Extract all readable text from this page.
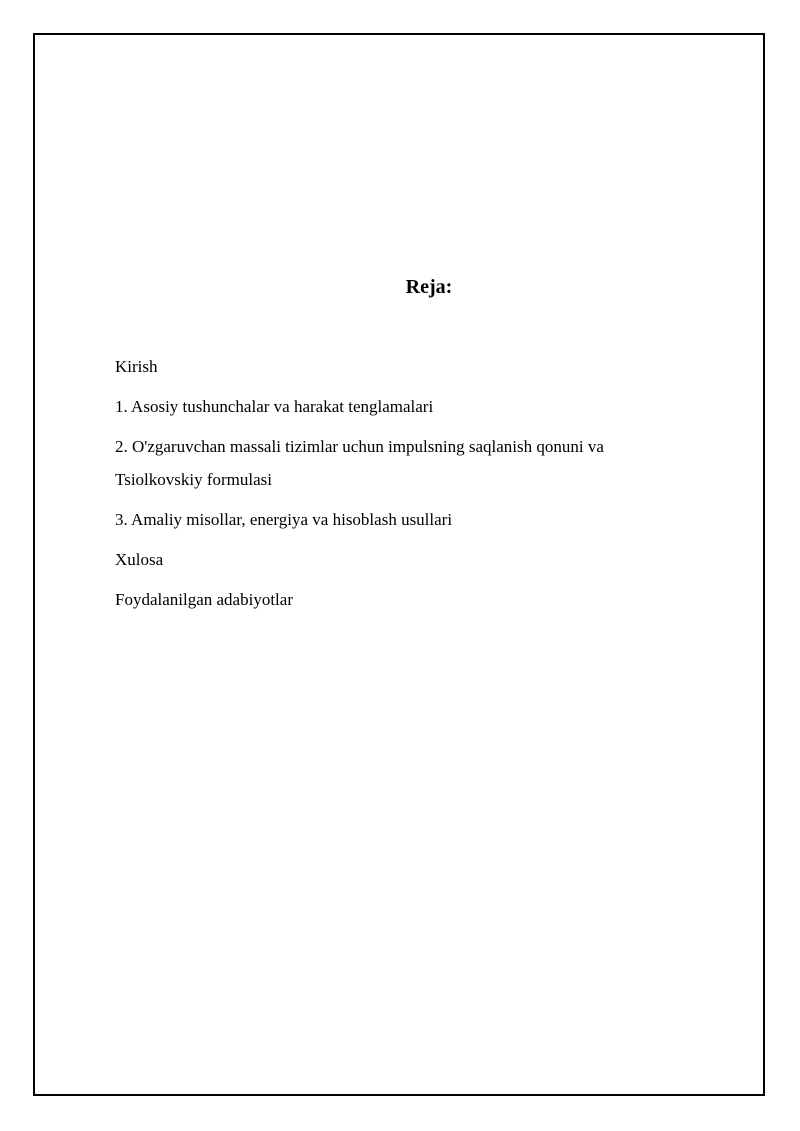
Reja:
Kirish
1. Asosiy tushunchalar va harakat tenglamalari
2. O'zgaruvchan massali tizimlar uchun impulsning saqlanish qonuni va Tsiolkovskiy formulasi
3. Amaliy misollar, energiya va hisoblash usullari
Xulosa
Foydalanilgan adabiyotlar
